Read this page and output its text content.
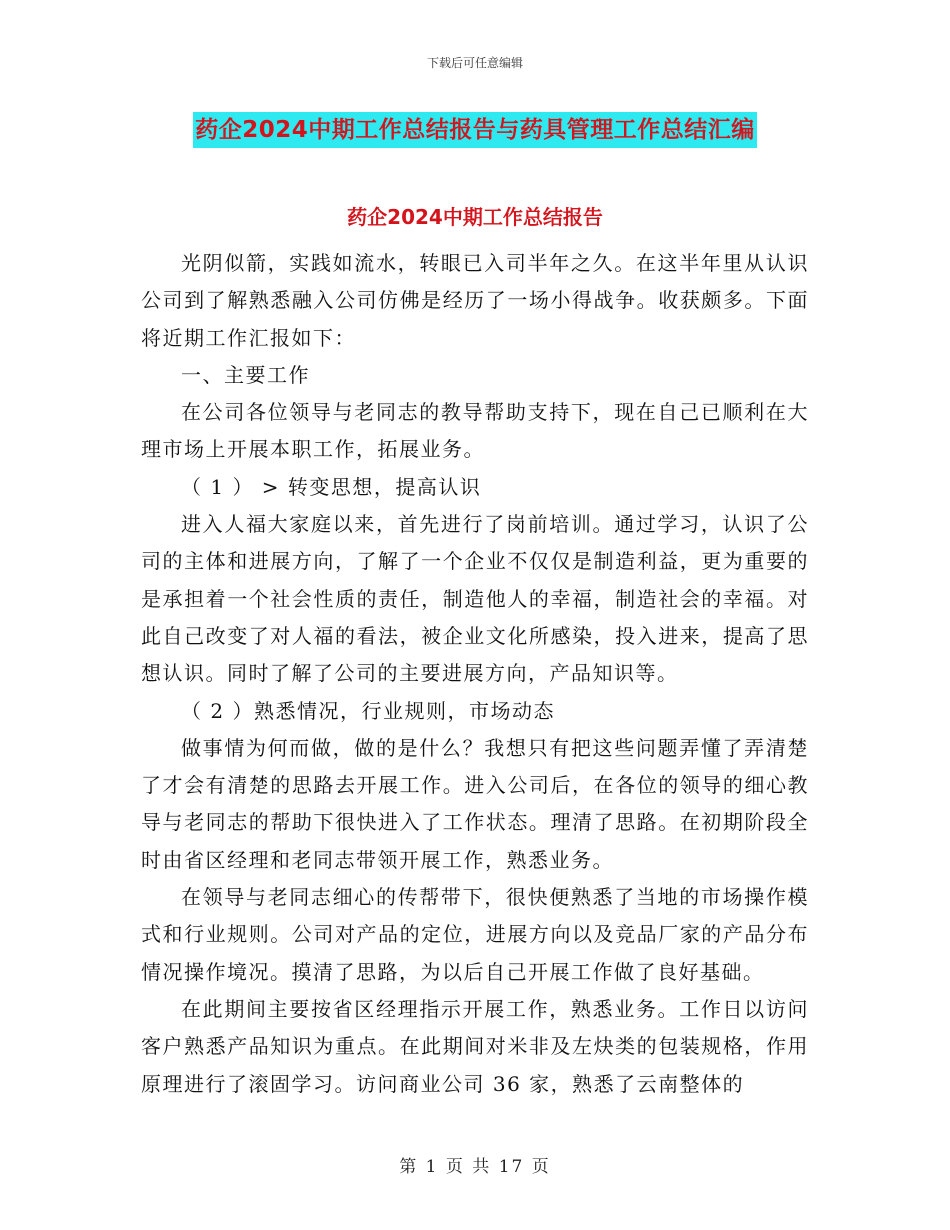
下载后可任意编辑
药企2024中期工作总结报告与药具管理工作总结汇编
药企2024中期工作总结报告

光阴似箭，实践如流水，转眼已入司半年之久。在这半年里从认识公司到了解熟悉融入公司仿佛是经历了一场小得战争。收获颇多。下面将近期工作汇报如下：

一、主要工作

在公司各位领导与老同志的教导帮助支持下，现在自己已顺利在大理市场上开展本职工作，拓展业务。

（ 1 ） > 转变思想，提高认识

进入人福大家庭以来，首先进行了岗前培训。通过学习，认识了公司的主体和进展方向，了解了一个企业不仅仅是制造利益，更为重要的是承担着一个社会性质的责任，制造他人的幸福，制造社会的幸福。对此自己改变了对人福的看法，被企业文化所感染，投入进来，提高了思想认识。同时了解了公司的主要进展方向，产品知识等。

（ 2 ）熟悉情况，行业规则，市场动态

做事情为何而做，做的是什么？我想只有把这些问题弄懂了弄清楚了才会有清楚的思路去开展工作。进入公司后，在各位的领导的细心教导与老同志的帮助下很快进入了工作状态。理清了思路。在初期阶段全时由省区经理和老同志带领开展工作，熟悉业务。

在领导与老同志细心的传帮带下，很快便熟悉了当地的市场操作模式和行业规则。公司对产品的定位，进展方向以及竞品厂家的产品分布情况操作境况。摸清了思路，为以后自己开展工作做了良好基础。

在此期间主要按省区经理指示开展工作，熟悉业务。工作日以访问客户熟悉产品知识为重点。在此期间对米非及左炔类的包装规格，作用原理进行了滚固学习。访问商业公司 36 家，熟悉了云南整体的

第 1 页 共 17 页
